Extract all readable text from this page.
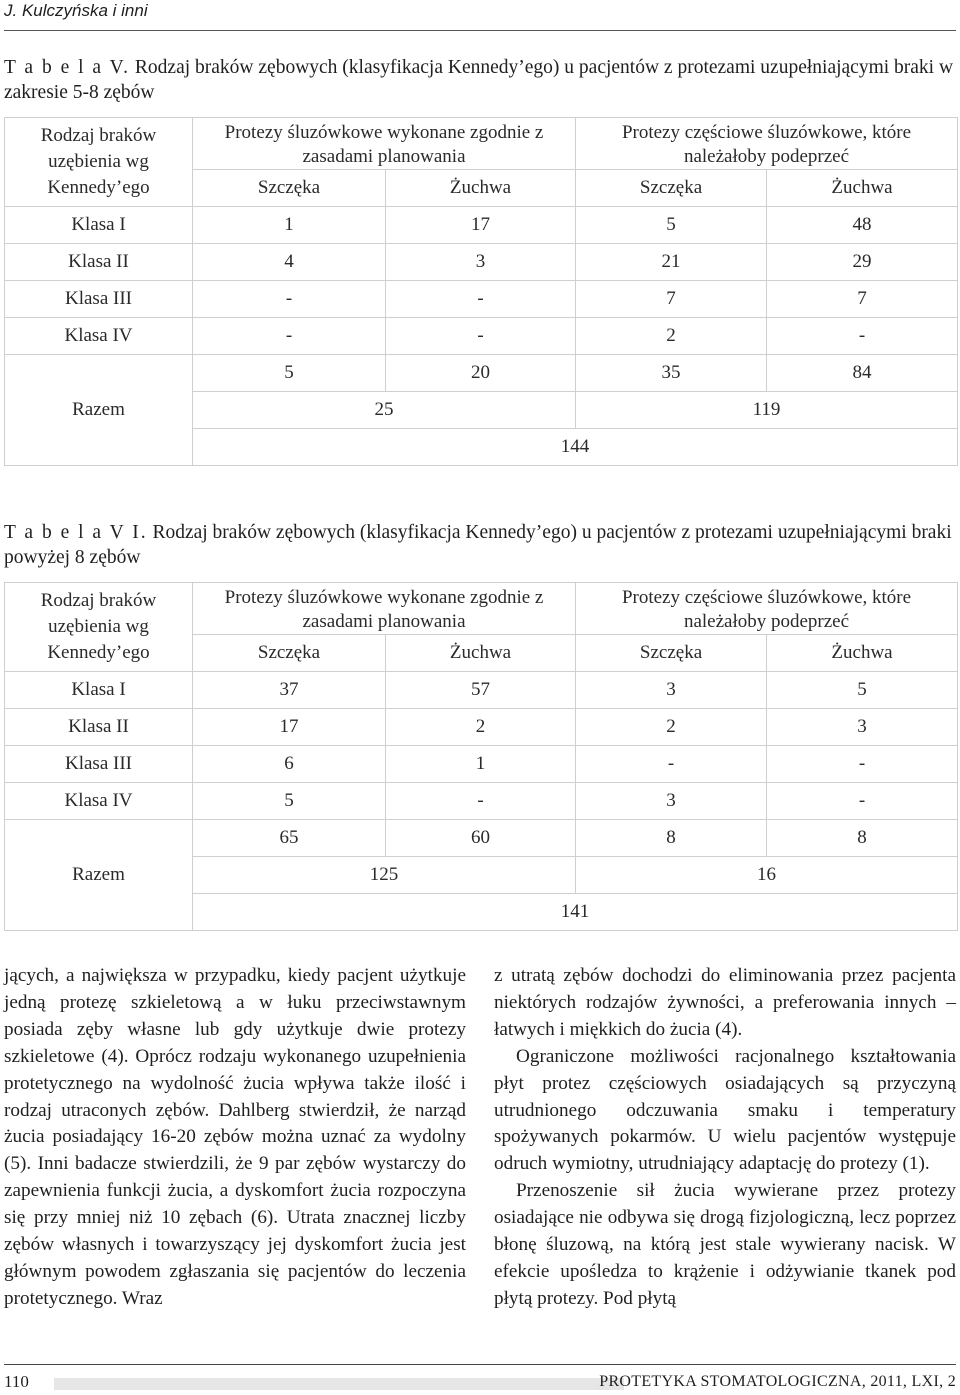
J. Kulczyńska i inni
T a b e l a V. Rodzaj braków zębowych (klasyfikacja Kennedy’ego) u pacjentów z protezami uzupełniającymi braki w zakresie 5-8 zębów
Rodzaj braków uzębienia wg Kennedy’ego	Protezy śluzówkowe wykonane zgodnie z zasadami planowania		Protezy częściowe śluzówkowe, które należałoby podeprzeć	
	Szczęka	Żuchwa	Szczęka	Żuchwa
Klasa I	1	17	5	48
Klasa II	4	3	21	29
Klasa III	-	-	7	7
Klasa IV	-	-	2	-
Razem	5	20	35	84
	25		119	
	144			
T a b e l a V I. Rodzaj braków zębowych (klasyfikacja Kennedy’ego) u pacjentów z protezami uzupełniającymi braki powyżej 8 zębów
Rodzaj braków uzębienia wg Kennedy’ego	Protezy śluzówkowe wykonane zgodnie z zasadami planowania		Protezy częściowe śluzówkowe, które należałoby podeprzeć	
	Szczęka	Żuchwa	Szczęka	Żuchwa
Klasa I	37	57	3	5
Klasa II	17	2	2	3
Klasa III	6	1	-	-
Klasa IV	5	-	3	-
Razem	65	60	8	8
	125		16	
	141			

jących, a największa w przypadku, kiedy pacjent użytkuje jedną protezę szkieletową a w łuku przeciwstawnym posiada zęby własne lub gdy użytkuje dwie protezy szkieletowe (4). Oprócz rodzaju wykonanego uzupełnienia protetycznego na wydolność żucia wpływa także ilość i rodzaj utraconych zębów. Dahlberg stwierdził, że narząd żucia posiadający 16-20 zębów można uznać za wydolny (5). Inni badacze stwierdzili, że 9 par zębów wystarczy do zapewnienia funkcji żucia, a dyskomfort żucia rozpoczyna się przy mniej niż 10 zębach (6). Utrata znacznej liczby zębów własnych i towarzyszący jej dyskomfort żucia jest głównym powodem zgłaszania się pacjentów do leczenia protetycznego. Wraz

z utratą zębów dochodzi do eliminowania przez pacjenta niektórych rodzajów żywności, a preferowania innych – łatwych i miękkich do żucia (4).

Ograniczone możliwości racjonalnego kształtowania płyt protez częściowych osiadających są przyczyną utrudnionego odczuwania smaku i temperatury spożywanych pokarmów. U wielu pacjentów występuje odruch wymiotny, utrudniający adaptację do protezy (1).

Przenoszenie sił żucia wywierane przez protezy osiadające nie odbywa się drogą fizjologiczną, lecz poprzez błonę śluzową, na którą jest stale wywierany nacisk. W efekcie upośledza to krążenie i odżywianie tkanek pod płytą protezy. Pod płytą

110	PROTETYKA STOMATOLOGICZNA, 2011, LXI, 2
